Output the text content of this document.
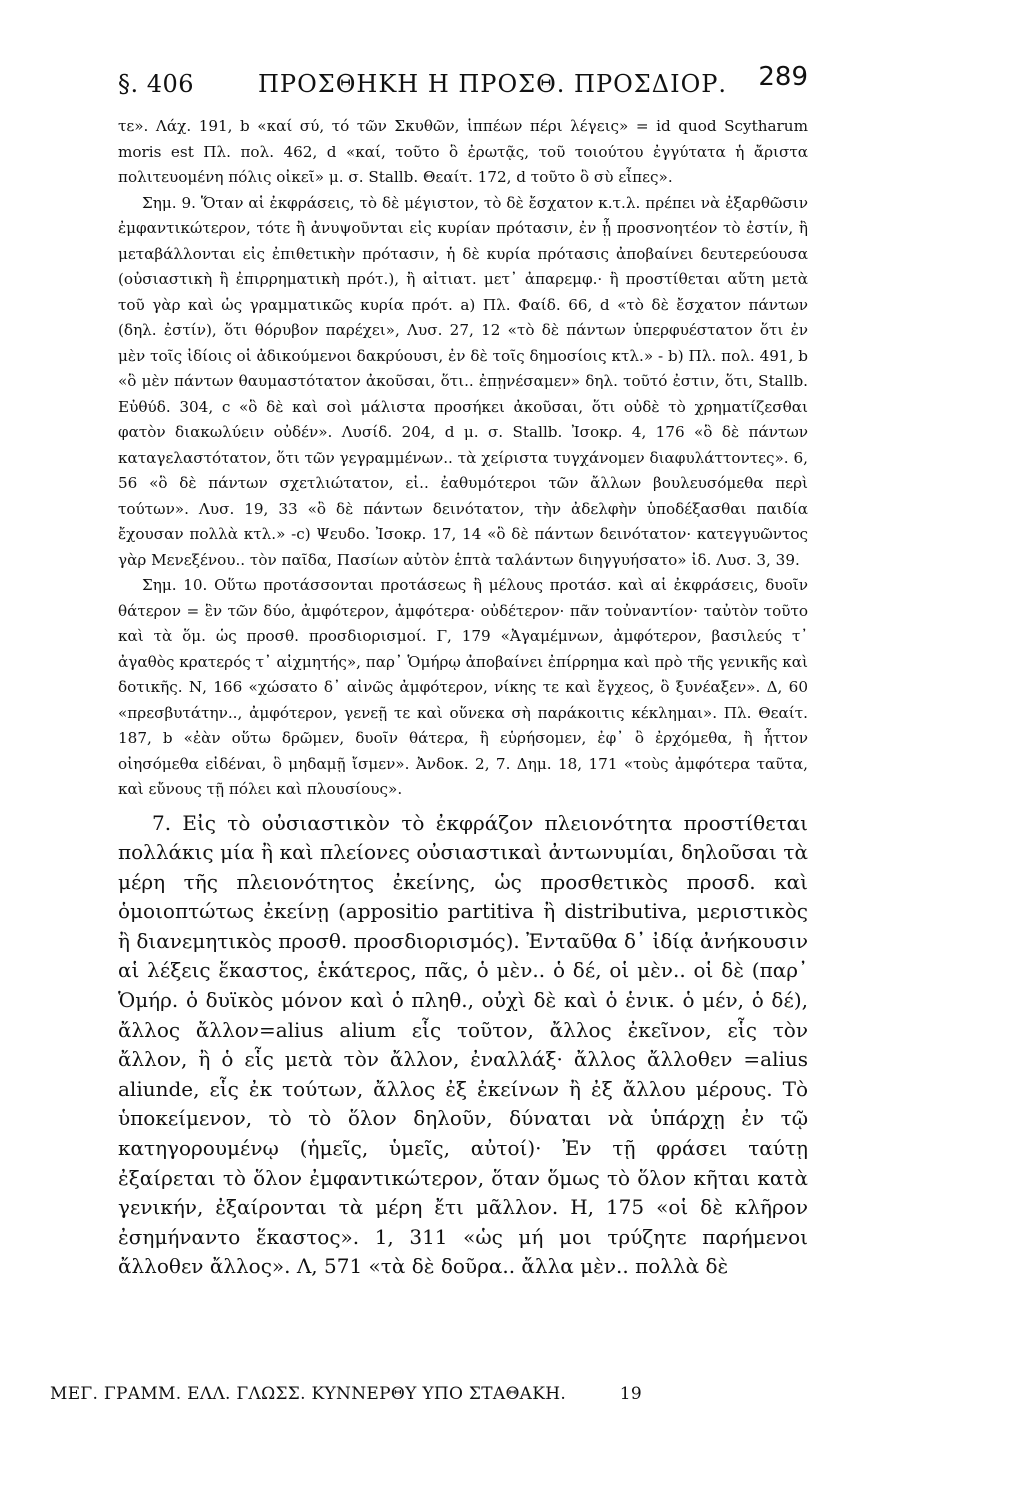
§. 406	ΠΡΟΣΘΗΚΗ Η ΠΡΟΣΘ. ΠΡΟΣΔΙΟΡ. 289

τε». Λάχ. 191, b «καί σύ, τό τῶν Σκυθῶν, ἱππέων πέρι λέγεις» = id quod Scytharum moris est Πλ. πολ. 462, d «καί, τοῦτο ὃ ἐρωτᾷς, τοῦ τοιούτου ἐγγύτατα ἡ ἄριστα πολιτευομένη πόλις οἰκεῖ» μ. σ. Stallb. Θεαίτ. 172, d τοῦτο ὃ σὺ εἶπες».

Σημ. 9. Ὅταν αἱ ἐκφράσεις, τὸ δὲ μέγιστον, τὸ δὲ ἔσχατον κ.τ.λ. πρέπει νὰ ἐξαρθῶσιν ἐμφαντικώτερον, τότε ἢ ἀνυψοῦνται εἰς κυρίαν πρότασιν, ἐν ᾗ προσνοητέον τὸ ἐστίν, ἢ μεταβάλλονται εἰς ἐπιθετικὴν πρότασιν, ἡ δὲ κυρία πρότασις ἀποβαίνει δευτερεύουσα (οὐσιαστικὴ ἢ ἐπιρρηματικὴ πρότ.), ἢ αἰτιατ. μετ᾽ ἀπαρεμφ.· ἢ προστίθεται αὕτη μετὰ τοῦ γὰρ καὶ ὡς γραμματικῶς κυρία πρότ. a) Πλ. Φαίδ. 66, d «τὸ δὲ ἔσχατον πάντων (δηλ. ἐστίν), ὅτι θόρυβον παρέχει», Λυσ. 27, 12 «τὸ δὲ πάντων ὑπερφυέστατον ὅτι ἐν μὲν τοῖς ἰδίοις οἱ ἀδικούμενοι δακρύουσι, ἐν δὲ τοῖς δημοσίοις κτλ.» - b) Πλ. πολ. 491, b «ὃ μὲν πάντων θαυμαστότατον ἀκοῦσαι, ὅτι.. ἐπῃνέσαμεν» δηλ. τοῦτό ἐστιν, ὅτι, Stallb. Εὐθύδ. 304, c «ὃ δὲ καὶ σοὶ μάλιστα προσήκει ἀκοῦσαι, ὅτι οὐδὲ τὸ χρηματίζεσθαι φατὸν διακωλύειν οὐδέν». Λυσίδ. 204, d μ. σ. Stallb. Ἰσοκρ. 4, 176 «ὃ δὲ πάντων καταγελαστότατον, ὅτι τῶν γεγραμμένων.. τὰ χείριστα τυγχάνομεν διαφυλάττοντες». 6, 56 «ὃ δὲ πάντων σχετλιώτατον, εἰ.. ἐαθυμότεροι τῶν ἄλλων βουλευσόμεθα περὶ τούτων». Λυσ. 19, 33 «ὃ δὲ πάντων δεινότατον, τὴν ἀδελφὴν ὑποδέξασθαι παιδία ἔχουσαν πολλὰ κτλ.» -c) Ψευδο. Ἰσοκρ. 17, 14 «ὃ δὲ πάντων δεινότατον· κατεγγυῶντος γὰρ Μενεξένου.. τὸν παῖδα, Πασίων αὐτὸν ἑπτὰ ταλάντων διηγγυήσατο» ἰδ. Λυσ. 3, 39.

Σημ. 10. Οὕτω προτάσσονται προτάσεως ἢ μέλους προτάσ. καὶ αἱ ἐκφράσεις, δυοῖν θάτερον = ἓν τῶν δύο, ἀμφότερον, ἀμφότερα· οὐδέτερον· πᾶν τοὐναντίον· ταὐτὸν τοῦτο καὶ τὰ ὅμ. ὡς προσθ. προσδιορισμοί. Γ, 179 «Ἀγαμέμνων, ἀμφότερον, βασιλεύς τ᾽ ἀγαθὸς κρατερός τ᾽ αἰχμητής», παρ᾽ Ὁμήρῳ ἀποβαίνει ἐπίρρημα καὶ πρὸ τῆς γενικῆς καὶ δοτικῆς. Ν, 166 «χώσατο δ᾽ αἰνῶς ἀμφότερον, νίκης τε καὶ ἔγχεος, ὃ ξυνέαξεν». Δ, 60 «πρεσβυτάτην.., ἀμφότερον, γενεῇ τε καὶ οὕνεκα σὴ παράκοιτις κέκλημαι». Πλ. Θεαίτ. 187, b «ἐὰν οὕτω δρῶμεν, δυοῖν θάτερα, ἢ εὑρήσομεν, ἐφ᾽ ὃ ἐρχόμεθα, ἢ ἧττον οἰησόμεθα εἰδέναι, ὃ μηδαμῇ ἴσμεν». Ἀνδοκ. 2, 7. Δημ. 18, 171 «τοὺς ἀμφότερα ταῦτα, καὶ εὔνους τῇ πόλει καὶ πλουσίους».

7. Εἰς τὸ οὐσιαστικὸν τὸ ἐκφράζον πλειονότητα προστίθεται πολλάκις μία ἢ καὶ πλείονες οὐσιαστικαὶ ἀντωνυμίαι, δηλοῦσαι τὰ μέρη τῆς πλειονότητος ἐκείνης, ὡς προσθετικὸς προσδ. καὶ ὁμοιοπτώτως ἐκείνῃ (appositio partitiva ἢ distributiva, μεριστικὸς ἢ διανεμητικὸς προσθ. προσδιορισμός). Ἐνταῦθα δ᾽ ἰδίᾳ ἀνήκουσιν αἱ λέξεις ἕκαστος, ἑκάτερος, πᾶς, ὁ μὲν.. ὁ δέ, οἱ μὲν.. οἱ δὲ (παρ᾽ Ὁμήρ. ὁ δυϊκὸς μόνον καὶ ὁ πληθ., οὐχὶ δὲ καὶ ὁ ἑνικ. ὁ μέν, ὁ δέ), ἄλλος ἄλλον=alius alium εἷς τοῦτον, ἄλλος ἐκεῖνον, εἷς τὸν ἄλλον, ἢ ὁ εἷς μετὰ τὸν ἄλλον, ἐναλλάξ· ἄλλος ἄλλοθεν =alius aliunde, εἷς ἐκ τούτων, ἄλλος ἐξ ἐκείνων ἢ ἐξ ἄλλου μέρους. Τὸ ὑποκείμενον, τὸ τὸ ὅλον δηλοῦν, δύναται νὰ ὑπάρχῃ ἐν τῷ κατηγορουμένῳ (ἡμεῖς, ὑμεῖς, αὐτοί)· Ἐν τῇ φράσει ταύτῃ ἐξαίρεται τὸ ὅλον ἐμφαντικώτερον, ὅταν ὅμως τὸ ὅλον κῆται κατὰ γενικήν, ἐξαίρονται τὰ μέρη ἔτι μᾶλλον. Η, 175 «οἱ δὲ κλῆρον ἐσημήναντο ἕκαστος». 1, 311 «ὡς μή μοι τρύζητε παρήμενοι ἄλλοθεν ἄλλος». Λ, 571 «τὰ δὲ δοῦρα.. ἄλλα μὲν.. πολλὰ δὲ

ΜΕΓ. ΓΡΑΜΜ. ΕΛΛ. ΓΛΩΣΣ. ΚΥΝΝΕΡΘΥ ΥΠΟ ΣΤΑΘΑΚΗ.	19
